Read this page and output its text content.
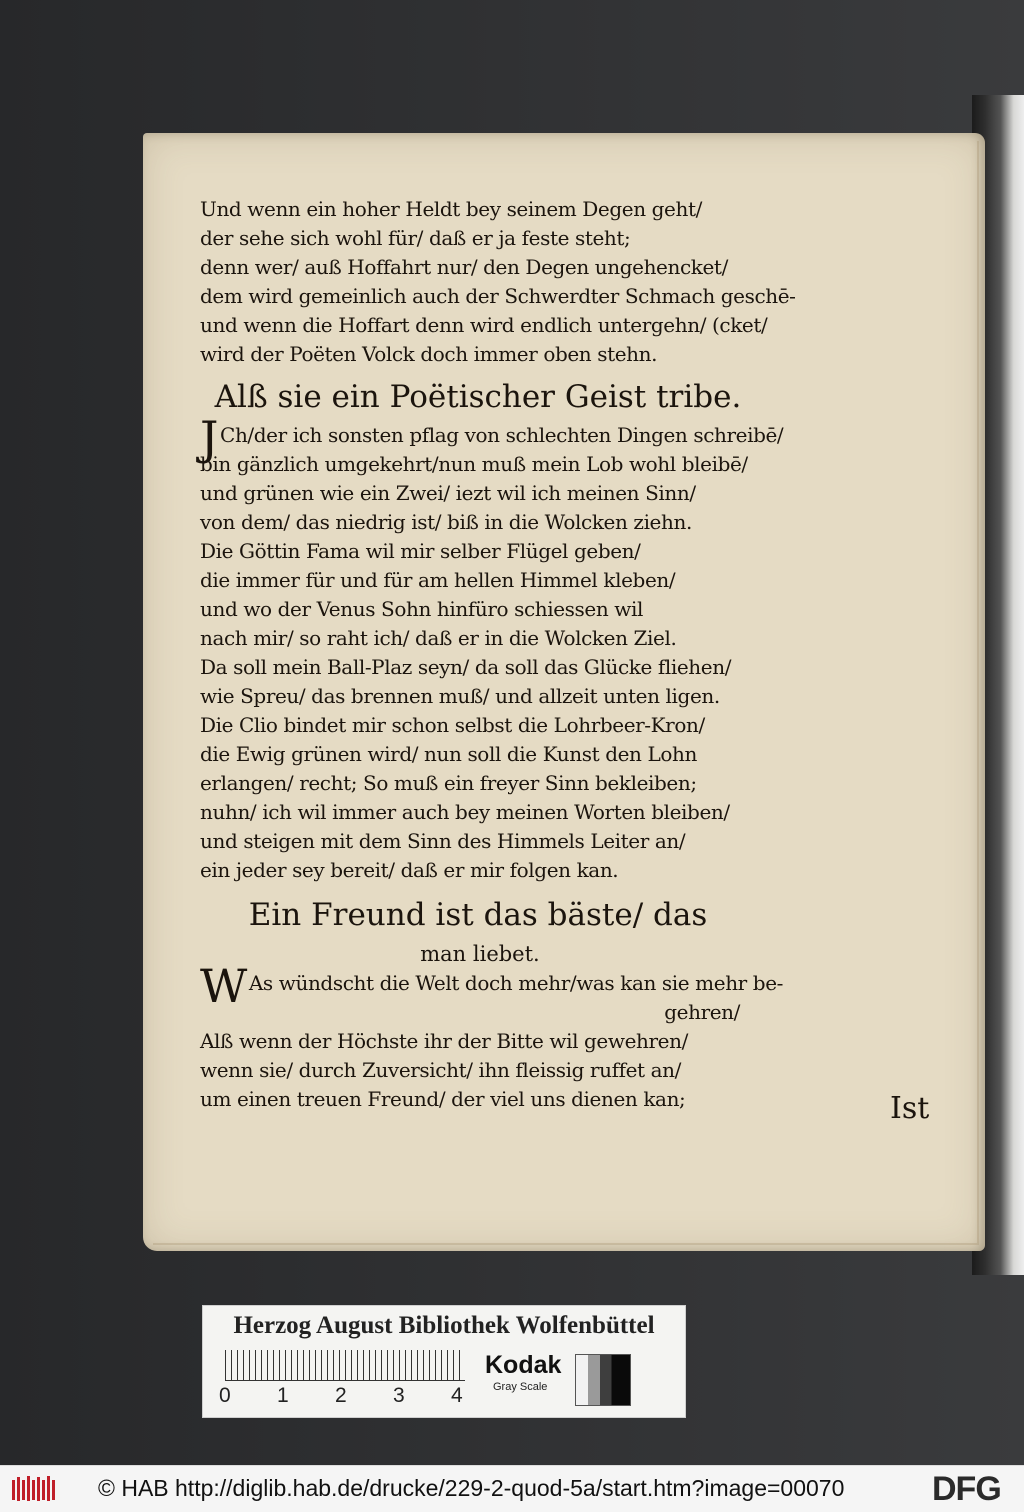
Und wenn ein hoher Heldt bey seinem Degen geht/
der sehe sich wohl für/ daß er ja feste steht;
denn wer/ auß Hoffahrt nur/ den Degen ungehencket/
dem wird gemeinlich auch der Schwerdter Schmach geschē-
und wenn die Hoffart denn wird endlich untergehn/ (cket/
wird der Poëten Volck doch immer oben stehn.
Alß sie ein Poëtischer Geist tribe.
J Ch/der ich sonsten pflag von schlechten Dingen schreibē/
bin gänzlich umgekehrt/nun muß mein Lob wohl bleibē/
und grünen wie ein Zwei/ iezt wil ich meinen Sinn/
von dem/ das niedrig ist/ biß in die Wolcken ziehn.
Die Göttin Fama wil mir selber Flügel geben/
die immer für und für am hellen Himmel kleben/
und wo der Venus Sohn hinfüro schiessen wil
nach mir/ so raht ich/ daß er in die Wolcken Ziel.
Da soll mein Ball-Plaz seyn/ da soll das Glücke fliehen/
wie Spreu/ das brennen muß/ und allzeit unten ligen.
Die Clio bindet mir schon selbst die Lohrbeer-Kron/
die Ewig grünen wird/ nun soll die Kunst den Lohn
erlangen/ recht; So muß ein freyer Sinn bekleiben;
nuhn/ ich wil immer auch bey meinen Worten bleiben/
und steigen mit dem Sinn des Himmels Leiter an/
ein jeder sey bereit/ daß er mir folgen kan.
Ein Freund ist das bäste/ das
man liebet.
W As wündscht die Welt doch mehr/was kan sie mehr be-
gehren/
Alß wenn der Höchste ihr der Bitte wil gewehren/
wenn sie/ durch Zuversicht/ ihn fleissig ruffet an/
um einen treuen Freund/ der viel uns dienen kan;	Ist
Herzog August Bibliothek Wolfenbüttel
0 1 2 3 4
Kodak
Gray Scale
© HAB http://diglib.hab.de/drucke/229-2-quod-5a/start.htm?image=00070	DFG
